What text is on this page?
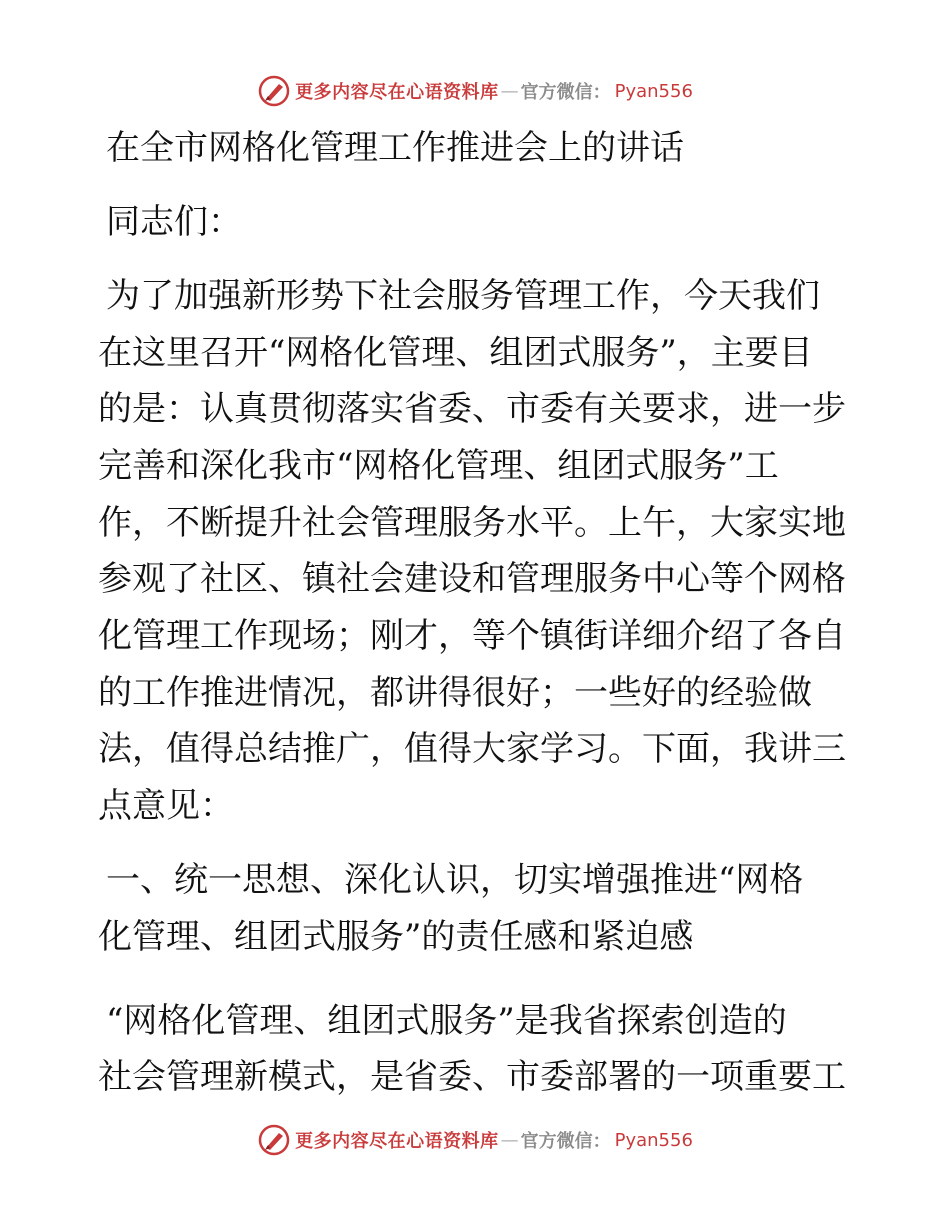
更多内容尽在心语资料库 — 官方微信： Pyan556
在全市网格化管理工作推进会上的讲话
同志们：
为了加强新形势下社会服务管理工作，今天我们
在这里召开“网格化管理、组团式服务”，主要目
的是：认真贯彻落实省委、市委有关要求，进一步
完善和深化我市“网格化管理、组团式服务”工
作，不断提升社会管理服务水平。上午，大家实地
参观了社区、镇社会建设和管理服务中心等个网格
化管理工作现场；刚才，等个镇街详细介绍了各自
的工作推进情况，都讲得很好；一些好的经验做
法，值得总结推广，值得大家学习。下面，我讲三
点意见：
一、统一思想、深化认识，切实增强推进“网格
化管理、组团式服务”的责任感和紧迫感
“网格化管理、组团式服务”是我省探索创造的
社会管理新模式，是省委、市委部署的一项重要工
更多内容尽在心语资料库 — 官方微信： Pyan556
